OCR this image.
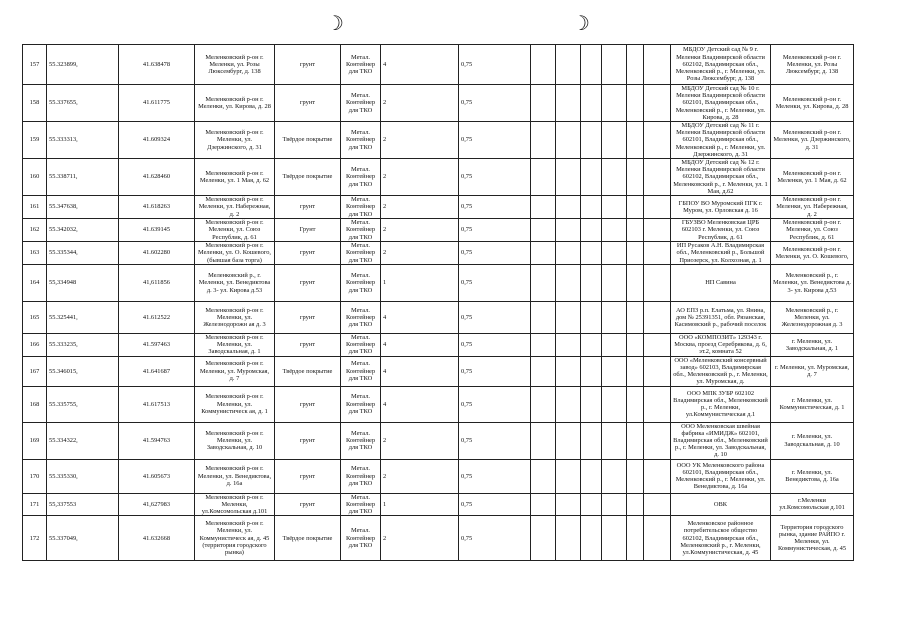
☽	☽
157	55.323899,	41.638478	Меленковский р-он г. Меленки, ул. Розы Люксембург, д. 138	грунт	Метал. Контейнер для ТКО	4	0,75							МБДОУ Детский сад № 9 г. Меленки Владимирской области 602102, Владимирская обл., Меленковский р., г. Меленки, ул. Розы Люксембург, д. 138	Меленковский р-он г. Меленки, ул. Розы Люксембург, д. 138
158	55.337655,	41.611775	Меленковский р-он г. Меленки, ул. Кирова, д. 28	грунт	Метал. Контейнер для ТКО	2	0,75							МБДОУ Детский сад № 10 г. Меленки Владимирской области 602101, Владимирская обл., Меленковский р., г. Меленки, ул. Кирова, д. 28	Меленковский р-он г. Меленки, ул. Кирова, д. 28
159	55.333313,	41.609324	Меленковский р-он г. Меленки, ул. Дзержинского, д. 31	Твёрдое покрытие	Метал. Контейнер для ТКО	2	0,75							МБДОУ Детский сад № 11 г. Меленки Владимирской области 602101, Владимирская обл., Меленковский р., г. Меленки, ул. Дзержинского, д. 31	Меленковский р-он г. Меленки, ул. Дзержинского, д. 31
160	55.338711,	41.628460	Меленковский р-он г. Меленки, ул. 1 Мая, д. 62	Твёрдое покрытие	Метал. Контейнер для ТКО	2	0,75							МБДОУ Детский сад № 12 г. Меленки Владимирской области 602102, Владимирская обл., Меленковский р., г. Меленки, ул. 1 Мая, д.62	Меленковский р-он г. Меленки, ул. 1 Мая, д. 62
161	55.347638,	41.618263	Меленковский р-он г. Меленки, ул. Набережная, д. 2	грунт	Метал. Контейнер для ТКО	2	0,75							ГБПОУ ВО Муромский ПГК г. Муром, ул. Орловская д. 16	Меленковский р-он г. Меленки, ул. Набережная, д. 2
162	55.342032,	41.639145	Меленковский р-он г. Меленки, ул. Союз Республик, д. 61	Грунт	Метал. Контейнер для ТКО	2	0,75							ГБУЗВО Меленковская ЦРБ 602103 г. Меленки, ул. Союз Республик, д. 61	Меленковский р-он г. Меленки, ул. Союз Республик, д. 61
163	55.335344,	41.602280	Меленковский р-он г. Меленки, ул. О. Кошевого, (бывшая база торга)	грунт	Метал. Контейнер для ТКО	2	0,75							ИП Русаков А.Н. Владимирская обл., Меленковский р., Большой Приозерск, ул. Колхозная, д. 1	Меленковский р-он г. Меленки, ул. О. Кошевого,
164	55,334948	41,611856	Меленковский р., г. Меленки, ул. Венедиктова д. 3- ул. Кирова д.53	грунт	Метал. Контейнер для ТКО	1	0,75							НП Савина	Меленковский р., г. Меленки, ул. Венедиктова д. 3- ул. Кирова д.53
165	55.325441,	41.612522	Меленковский р-он г. Меленки, ул. Железнодорожн ая д. 3	грунт	Метал. Контейнер для ТКО	4	0,75							АО ЕПЗ р.п. Елатьма, ул. Янина, дом № 25391351, обл. Рязанская, Касимовский р., рабочий поселок	Меленковский р., г. Меленки, ул. Железнодорожная д. 3
166	55.333235,	41.597463	Меленковский р-он г. Меленки, ул. Заводскальная, д. 1	грунт	Метал. Контейнер для ТКО	4	0,75							ООО «КОМПОЗИТ» 129343 г. Москва, проезд Серебрякова, д. 6, эт.2, комната 52	г. Меленки, ул. Заводскальная, д. 1
167	55.346015,	41.641687	Меленковский р-он г. Меленки, ул. Муромская, д. 7	Твёрдое покрытие	Метал. Контейнер для ТКО	4	0,75							ООО «Меленковский консервный завод» 602103, Владимирская обл., Меленковский р., г. Меленки, ул. Муромская, д.	г. Меленки, ул. Муромская, д. 7
168	55.335755,	41.617513	Меленковский р-он г. Меленки, ул. Коммунистическ ая, д. 1	грунт	Метал. Контейнер для ТКО	4	0,75							ООО МПК ЗУБР 602102 Владимирская обл., Меленковский р., г. Меленки, ул.Коммунистическая д.1	г. Меленки, ул. Коммунистическая, д. 1
169	55.334322,	41.594763	Меленковский р-он г. Меленки, ул. Заводскальная, д. 10	грунт	Метал. Контейнер для ТКО	2	0,75							ООО Меленковская швейная фабрика «ИМИДЖ» 602101, Владимирская обл., Меленковский р., г. Меленки, ул. Заводскальная, д. 10	г. Меленки, ул. Заводскальная, д. 10
170	55.335330,	41.605673	Меленковский р-он г. Меленки, ул. Венедиктова, д. 16а	грунт	Метал. Контейнер для ТКО	2	0,75							ООО УК Меленковского района 602101, Владимирская обл., Меленковский р., г. Меленки, ул. Венедиктова, д. 16а	г. Меленки, ул. Венедиктова, д. 16а
171	55,337553	41,627983	Меленковский р-он г. Меленки, ул.Комсомольская д.101	грунт	Метал. Контейнер для ТКО	1	0,75							ОВК	г.Меленки ул.Комсомольская д.101
172	55.337049,	41.632668	Меленковский р-он г. Меленки, ул. Коммунистическ ая, д. 45 (территория городского рынка)	Твёрдое покрытие	Метал. Контейнер для ТКО	2	0,75							Меленковское районное потребительское общество 602102, Владимирская обл., Меленковский р., г. Меленки, ул.Коммунистическая, д. 45	Территория городского рынка, здание РАЙПО г. Меленки, ул. Коммунистическая, д. 45
